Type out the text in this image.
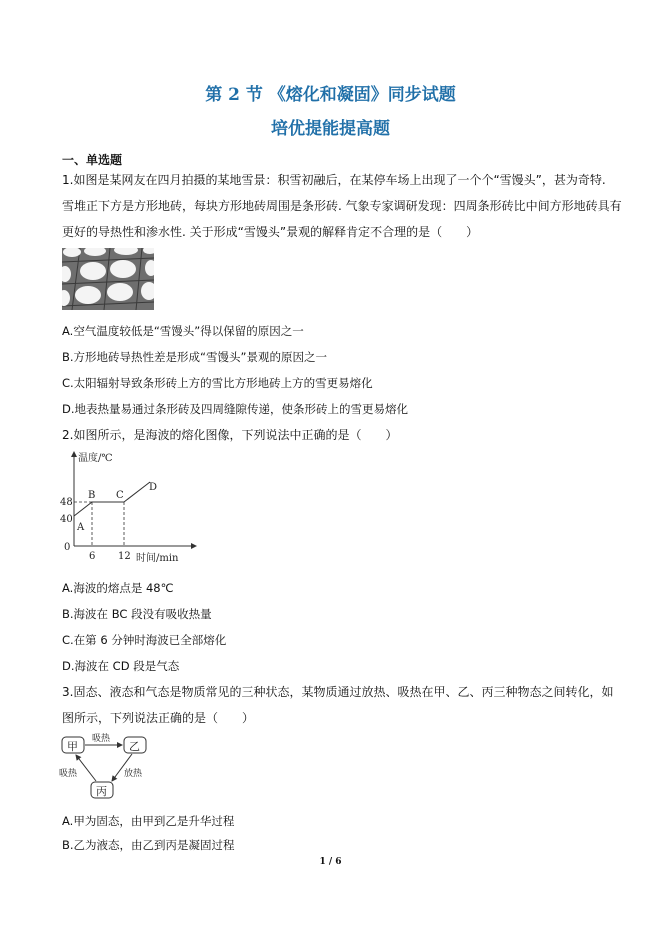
第 2 节 《熔化和凝固》同步试题
培优提能提高题
一、单选题
1.如图是某网友在四月拍摄的某地雪景：积雪初融后，在某停车场上出现了一个个“雪馒头”，甚为奇特.
雪堆正下方是方形地砖，每块方形地砖周围是条形砖. 气象专家调研发现：四周条形砖比中间方形地砖具有
更好的导热性和渗水性. 关于形成“雪馒头”景观的解释肯定不合理的是（　　）
A.空气温度较低是“雪馒头”得以保留的原因之一
B.方形地砖导热性差是形成“雪馒头”景观的原因之一
C.太阳辐射导致条形砖上方的雪比方形地砖上方的雪更易熔化
D.地表热量易通过条形砖及四周缝隙传递，使条形砖上的雪更易熔化
2.如图所示，是海波的熔化图像，下列说法中正确的是（　　）
温度/℃
时间/min
0
48
40
6 12
A
B C
D
A.海波的熔点是 48℃
B.海波在 BC 段没有吸收热量
C.在第 6 分钟时海波已全部熔化
D.海波在 CD 段是气态
3.固态、液态和气态是物质常见的三种状态，某物质通过放热、吸热在甲、乙、丙三种物态之间转化，如
图所示，下列说法正确的是（　　）
甲	乙
丙
吸热
放热
吸热
A.甲为固态，由甲到乙是升华过程
B.乙为液态，由乙到丙是凝固过程
1 / 6
